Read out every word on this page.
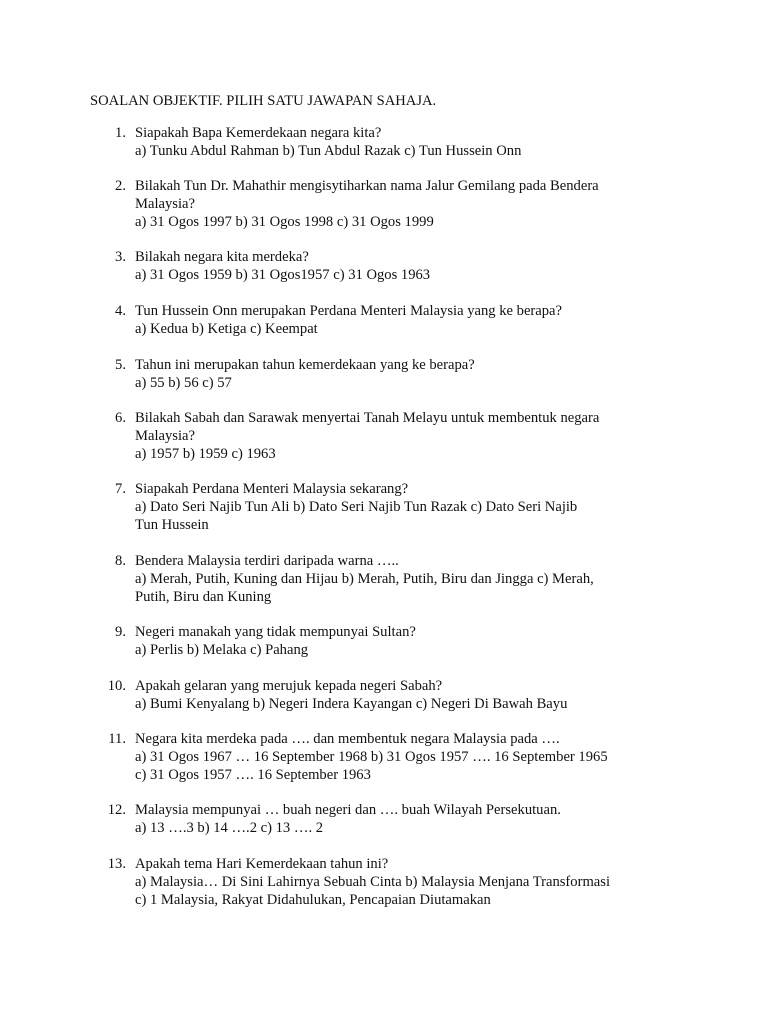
SOALAN OBJEKTIF. PILIH SATU JAWAPAN SAHAJA.
1. Siapakah Bapa Kemerdekaan negara kita?
a) Tunku Abdul Rahman b) Tun Abdul Razak c) Tun Hussein Onn
2. Bilakah Tun Dr. Mahathir mengisytiharkan nama Jalur Gemilang pada Bendera
Malaysia?
a) 31 Ogos 1997 b) 31 Ogos 1998 c) 31 Ogos 1999
3. Bilakah negara kita merdeka?
a) 31 Ogos 1959 b) 31 Ogos1957 c) 31 Ogos 1963
4. Tun Hussein Onn merupakan Perdana Menteri Malaysia yang ke berapa?
a) Kedua b) Ketiga c) Keempat
5. Tahun ini merupakan tahun kemerdekaan yang ke berapa?
a) 55 b) 56 c) 57
6. Bilakah Sabah dan Sarawak menyertai Tanah Melayu untuk membentuk negara
Malaysia?
a) 1957 b) 1959 c) 1963
7. Siapakah Perdana Menteri Malaysia sekarang?
a) Dato Seri Najib Tun Ali b) Dato Seri Najib Tun Razak c) Dato Seri Najib
Tun Hussein
8. Bendera Malaysia terdiri daripada warna …..
a) Merah, Putih, Kuning dan Hijau b) Merah, Putih, Biru dan Jingga c) Merah,
Putih, Biru dan Kuning
9. Negeri manakah yang tidak mempunyai Sultan?
a) Perlis b) Melaka c) Pahang
10. Apakah gelaran yang merujuk kepada negeri Sabah?
a) Bumi Kenyalang b) Negeri Indera Kayangan c) Negeri Di Bawah Bayu
11. Negara kita merdeka pada …. dan membentuk negara Malaysia pada ….
a) 31 Ogos 1967 … 16 September 1968 b) 31 Ogos 1957 …. 16 September 1965
c) 31 Ogos 1957 …. 16 September 1963
12. Malaysia mempunyai … buah negeri dan …. buah Wilayah Persekutuan.
a) 13 ….3 b) 14 ….2 c) 13 …. 2
13. Apakah tema Hari Kemerdekaan tahun ini?
a) Malaysia… Di Sini Lahirnya Sebuah Cinta b) Malaysia Menjana Transformasi
c) 1 Malaysia, Rakyat Didahulukan, Pencapaian Diutamakan
